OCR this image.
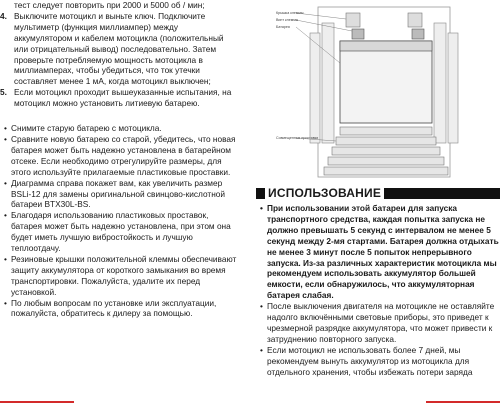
тест следует повторить при 2000 и 5000 об / мин;

4. Выключите мотоцикл и выньте ключ. Подключите мультиметр (функция миллиампер) между аккумулятором и кабелем мотоцикла (положительный или отрицательный вывод) последовательно. Затем проверьте потребляемую мощность мотоцикла в миллиамперах, чтобы убедиться, что ток утечки составляет менее 1 мА, когда мотоцикл выключен;
5. Если мотоцикл проходит вышеуказанные испытания, на мотоцикл можно установить литиевую батарею.
• Снимите старую батарею с мотоцикла.
• Сравните новую батарею со старой, убедитесь, что новая батарея может быть надежно установлена в батарейном отсеке. Если необходимо отрегулируйте размеры, для этого используйте прилагаемые пластиковые проставки.
• Диаграмма справа покажет вам, как увеличить размер BSLi-12 для замены оригинальной свинцово-кислотной батареи BTX30L-BS.
• Благодаря использованию пластиковых проставок, батарея может быть надежно установлена, при этом она будет иметь лучшую вибростойкость и лучшую теплоотдачу.
• Резиновые крышки положительной клеммы обеспечивают защиту аккумулятора от короткого замыкания во время транспортировки. Пожалуйста, удалите их перед установкой.
• По любым вопросам по установке или эксплуатации, пожалуйста, обратитесь к дилеру за помощью.
Крышка клеммы
Винт клеммы
Батарея
Совмещенные проставки
ИСПОЛЬЗОВАНИЕ
• При использовании этой батареи для запуска транспортного средства, каждая попытка запуска не должно превышать 5 секунд с интервалом не менее 5 секунд между 2-мя стартами. Батарея должна отдыхать не менее 3 минут после 5 попыток непрерывного запуска. Из-за различных характеристик мотоцикла мы рекомендуем использовать аккумулятор большей емкости, если обнаружилось, что аккумуляторная батарея слабая.
• После выключения двигателя на мотоцикле не оставляйте надолго включёнными световые приборы, это приведет к чрезмерной разрядке аккумулятора, что может привести к затруднению повторного запуска.
• Если мотоцикл не использовать более 7 дней, мы рекомендуем вынуть аккумулятор из мотоцикла для отдельного хранения, чтобы избежать потери заряда
